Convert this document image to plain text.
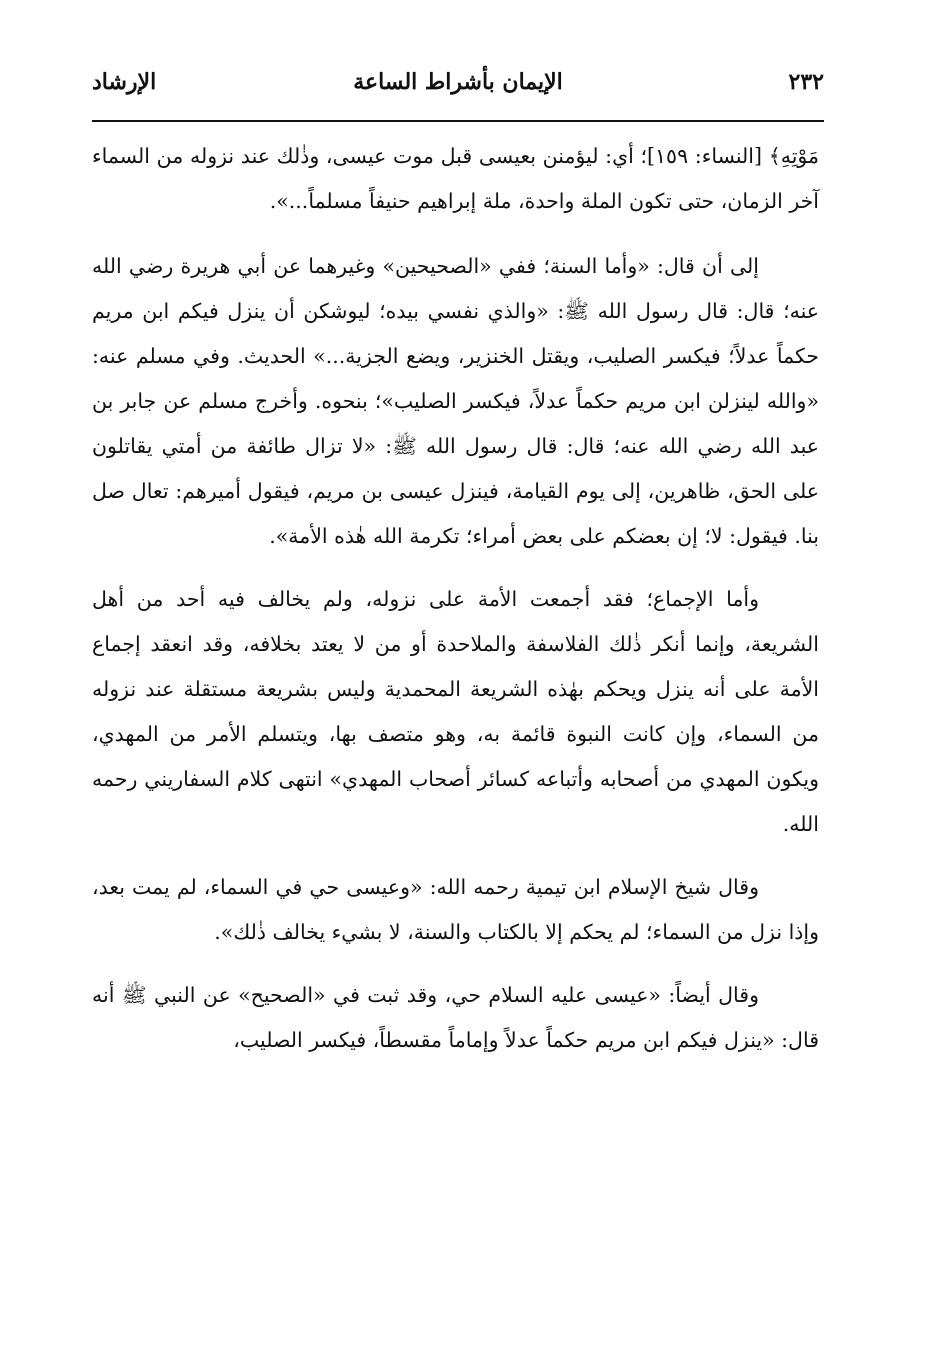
٢٣٢
الإيمان بأشراط الساعة
الإرشاد

مَوْتِهِ﴾ [النساء: ١٥٩]؛ أي: ليؤمنن بعيسى قبل موت عيسى، وذٰلك عند نزوله من السماء آخر الزمان، حتى تكون الملة واحدة، ملة إبراهيم حنيفاً مسلماً...».

إلى أن قال: «وأما السنة؛ ففي «الصحيحين» وغيرهما عن أبي هريرة رضي الله عنه؛ قال: قال رسول الله ﷺ: «والذي نفسي بيده؛ ليوشكن أن ينزل فيكم ابن مريم حكماً عدلاً؛ فيكسر الصليب، ويقتل الخنزير، ويضع الجزية...» الحديث. وفي مسلم عنه: «والله لينزلن ابن مريم حكماً عدلاً، فيكسر الصليب»؛ بنحوه. وأخرج مسلم عن جابر بن عبد الله رضي الله عنه؛ قال: قال رسول الله ﷺ: «لا تزال طائفة من أمتي يقاتلون على الحق، ظاهرين، إلى يوم القيامة، فينزل عيسى بن مريم، فيقول أميرهم: تعال صل بنا. فيقول: لا؛ إن بعضكم على بعض أمراء؛ تكرمة الله هٰذه الأمة».

وأما الإجماع؛ فقد أجمعت الأمة على نزوله، ولم يخالف فيه أحد من أهل الشريعة، وإنما أنكر ذٰلك الفلاسفة والملاحدة أو من لا يعتد بخلافه، وقد انعقد إجماع الأمة على أنه ينزل ويحكم بهٰذه الشريعة المحمدية وليس بشريعة مستقلة عند نزوله من السماء، وإن كانت النبوة قائمة به، وهو متصف بها، ويتسلم الأمر من المهدي، ويكون المهدي من أصحابه وأتباعه كسائر أصحاب المهدي» انتهى كلام السفاريني رحمه الله.

وقال شيخ الإسلام ابن تيمية رحمه الله: «وعيسى حي في السماء، لم يمت بعد، وإذا نزل من السماء؛ لم يحكم إلا بالكتاب والسنة، لا بشيء يخالف ذٰلك».

وقال أيضاً: «عيسى عليه السلام حي، وقد ثبت في «الصحيح» عن النبي ﷺ أنه قال: «ينزل فيكم ابن مريم حكماً عدلاً وإماماً مقسطاً، فيكسر الصليب،
